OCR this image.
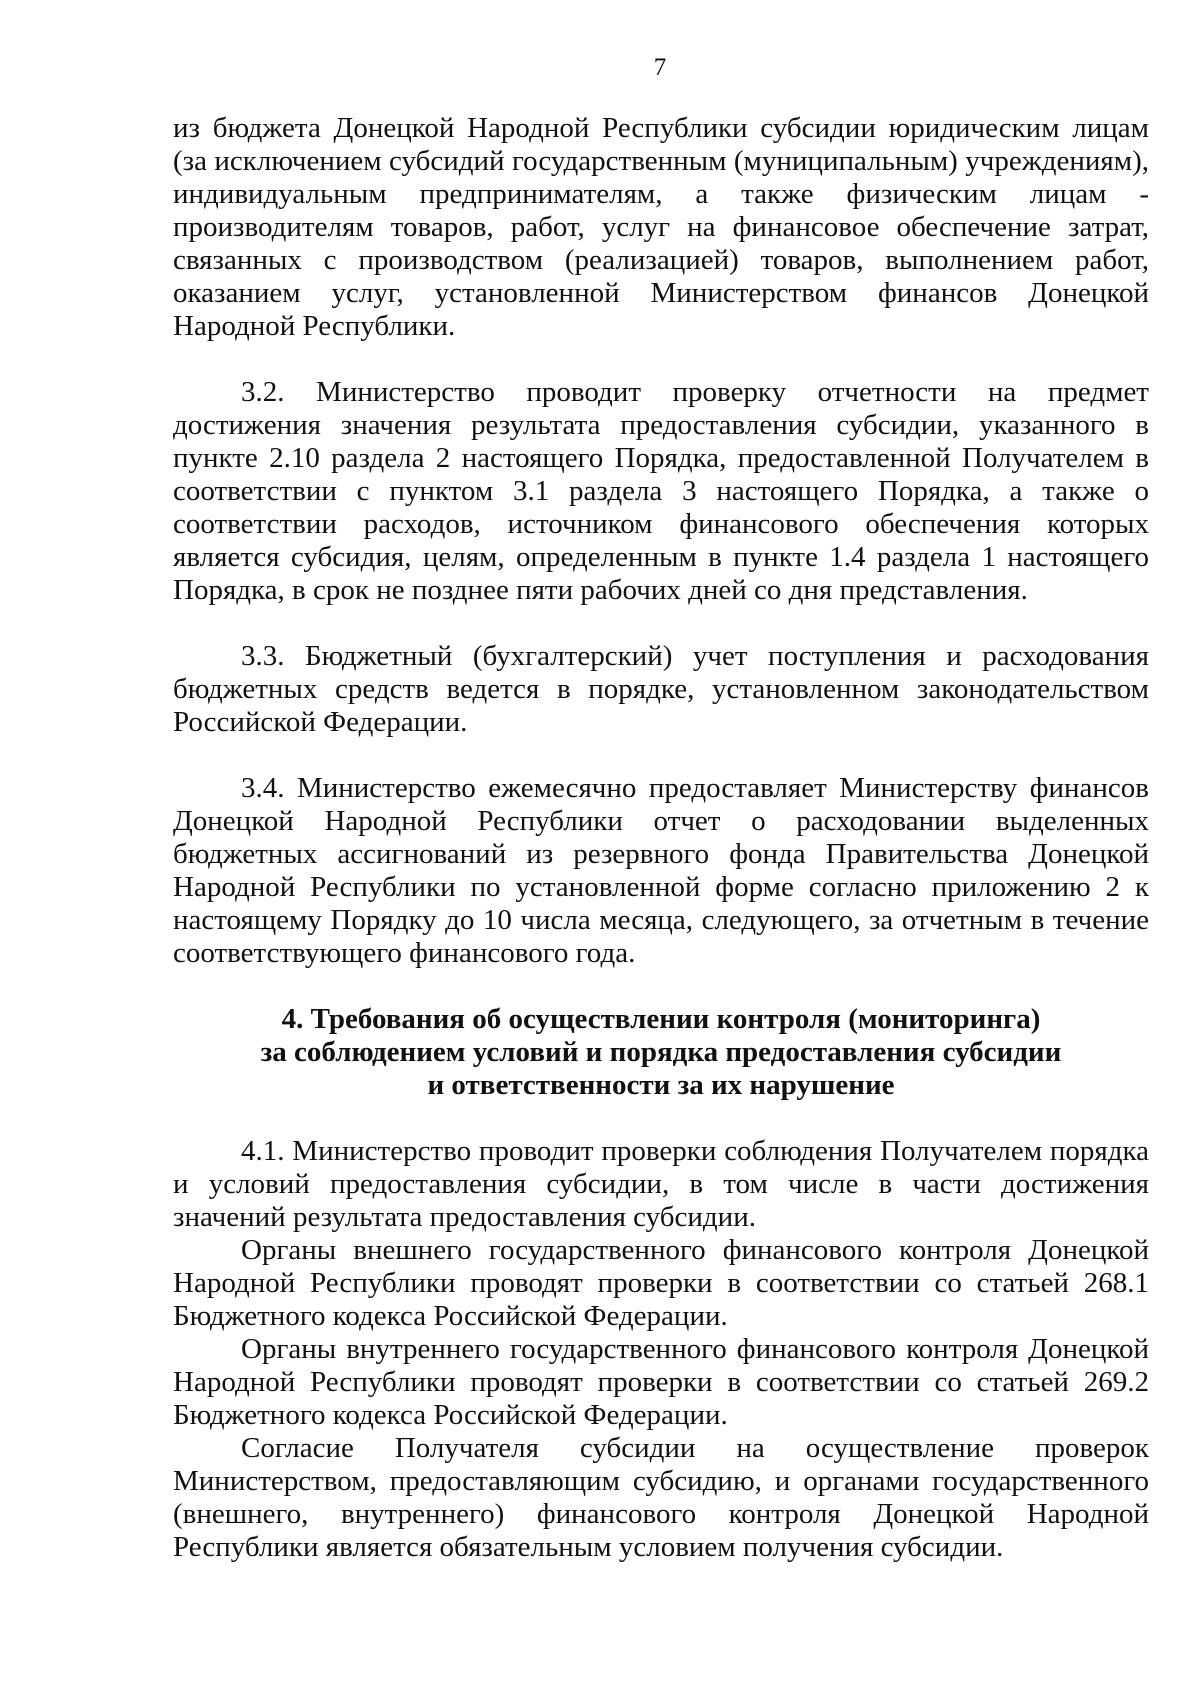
7

из бюджета Донецкой Народной Республики субсидии юридическим лицам (за исключением субсидий государственным (муниципальным) учреждениям), индивидуальным предпринимателям, а также физическим лицам - производителям товаров, работ, услуг на финансовое обеспечение затрат, связанных с производством (реализацией) товаров, выполнением работ, оказанием услуг, установленной Министерством финансов Донецкой Народной Республики.

3.2. Министерство проводит проверку отчетности на предмет достижения значения результата предоставления субсидии, указанного в пункте 2.10 раздела 2 настоящего Порядка, предоставленной Получателем в соответствии с пунктом 3.1 раздела 3 настоящего Порядка, а также о соответствии расходов, источником финансового обеспечения которых является субсидия, целям, определенным в пункте 1.4 раздела 1 настоящего Порядка, в срок не позднее пяти рабочих дней со дня представления.

3.3. Бюджетный (бухгалтерский) учет поступления и расходования бюджетных средств ведется в порядке, установленном законодательством Российской Федерации.

3.4. Министерство ежемесячно предоставляет Министерству финансов Донецкой Народной Республики отчет о расходовании выделенных бюджетных ассигнований из резервного фонда Правительства Донецкой Народной Республики по установленной форме согласно приложению 2 к настоящему Порядку до 10 числа месяца, следующего, за отчетным в течение соответствующего финансового года.

4. Требования об осуществлении контроля (мониторинга)
за соблюдением условий и порядка предоставления субсидии
и ответственности за их нарушение

4.1. Министерство проводит проверки соблюдения Получателем порядка и условий предоставления субсидии, в том числе в части достижения значений результата предоставления субсидии.

Органы внешнего государственного финансового контроля Донецкой Народной Республики проводят проверки в соответствии со статьей 268.1 Бюджетного кодекса Российской Федерации.

Органы внутреннего государственного финансового контроля Донецкой Народной Республики проводят проверки в соответствии со статьей 269.2 Бюджетного кодекса Российской Федерации.

Согласие Получателя субсидии на осуществление проверок Министерством, предоставляющим субсидию, и органами государственного (внешнего, внутреннего) финансового контроля Донецкой Народной Республики является обязательным условием получения субсидии.
